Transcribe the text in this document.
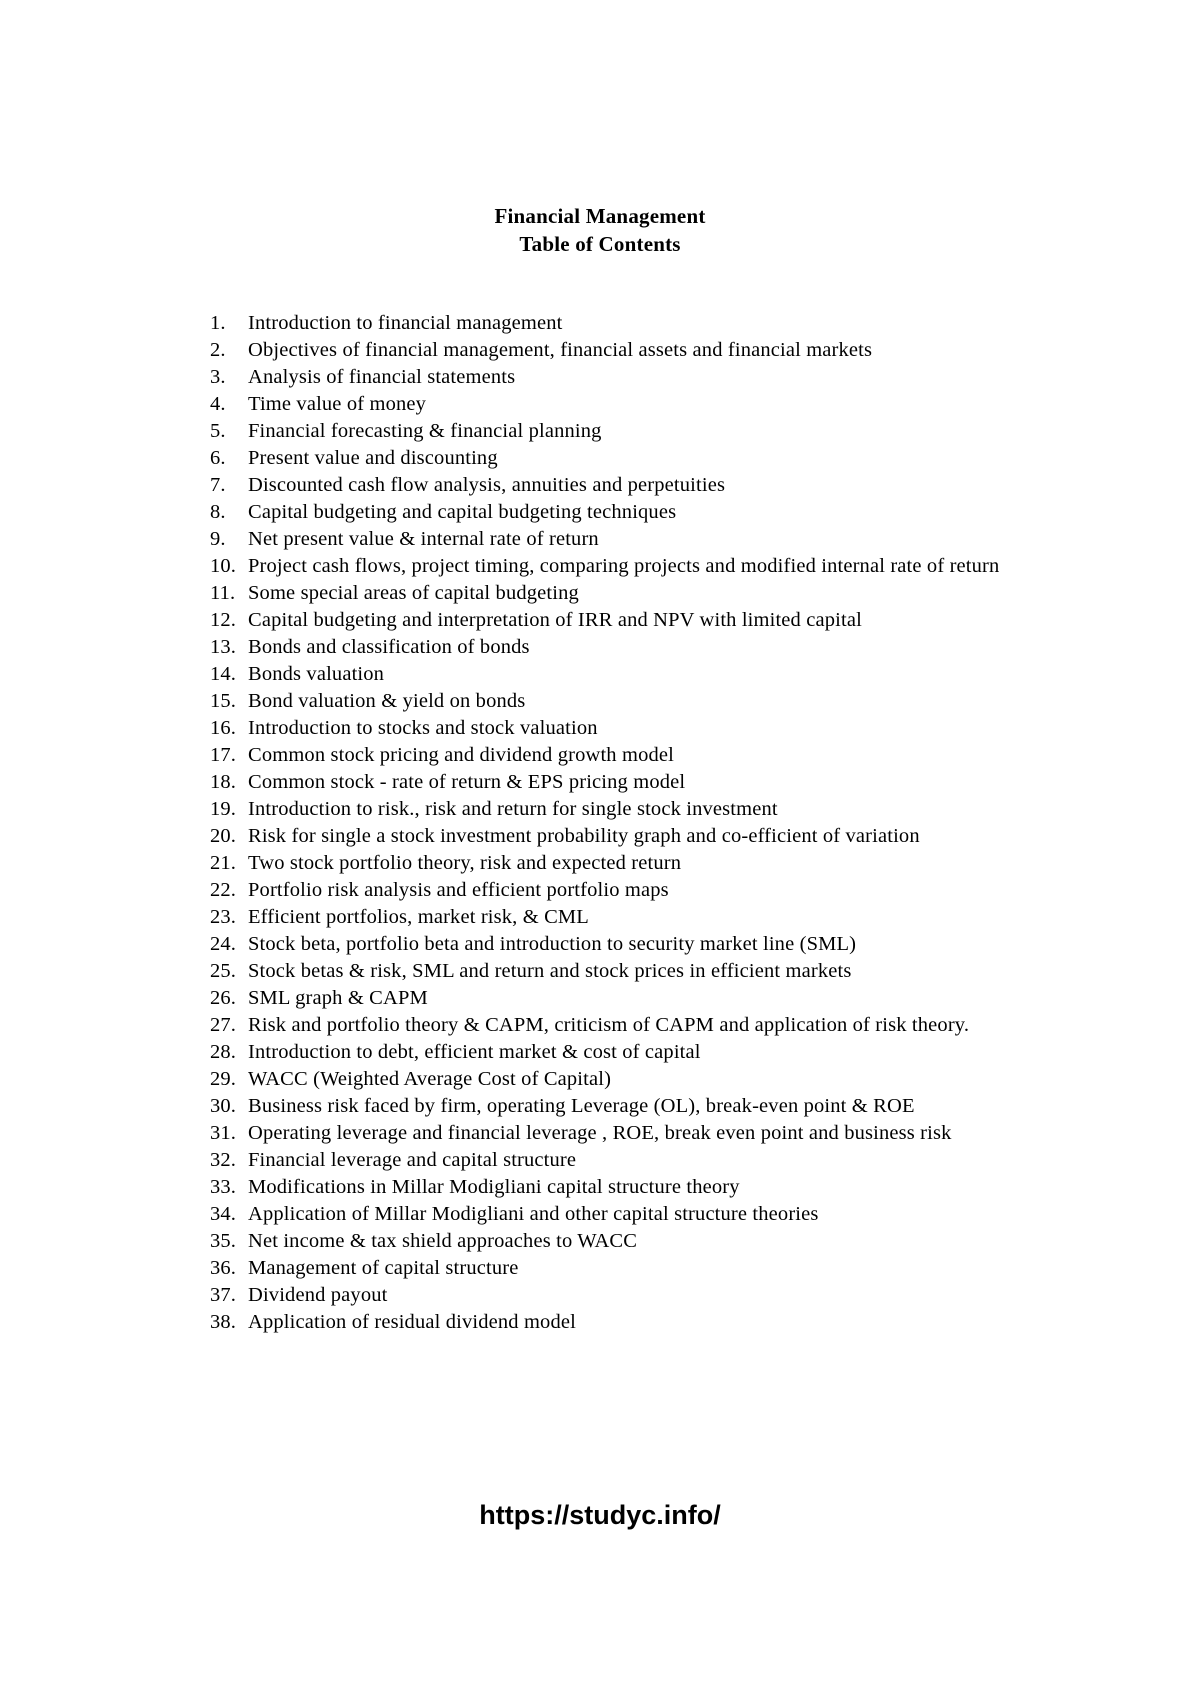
Financial Management
Table of Contents
1.	Introduction to financial management
2.	Objectives of financial management, financial assets and financial markets
3.	Analysis of financial statements
4.	Time value of money
5.	Financial forecasting & financial planning
6.	Present value and discounting
7.	Discounted cash flow analysis, annuities and perpetuities
8.	Capital budgeting and capital budgeting techniques
9.	Net present value & internal rate of return
10. Project cash flows, project timing, comparing projects and modified internal rate of return
11. Some special areas of capital budgeting
12. Capital budgeting and interpretation of IRR and NPV with limited capital
13. Bonds and classification of bonds
14. Bonds valuation
15. Bond valuation & yield on bonds
16. Introduction to stocks and stock valuation
17. Common stock pricing and dividend growth model
18. Common stock - rate of return & EPS pricing model
19. Introduction to risk., risk and return for single stock investment
20. Risk for single a stock investment probability graph and co-efficient of variation
21. Two stock portfolio theory, risk and expected return
22. Portfolio risk analysis and efficient portfolio maps
23. Efficient portfolios, market risk, & CML
24. Stock beta, portfolio beta and introduction to security market line (SML)
25. Stock betas & risk, SML and return and stock prices in efficient markets
26. SML graph & CAPM
27. Risk and portfolio theory & CAPM, criticism of CAPM and application of risk theory.
28. Introduction to debt, efficient market & cost of capital
29. WACC (Weighted Average Cost of Capital)
30. Business risk faced by firm, operating Leverage (OL), break-even point & ROE
31. Operating leverage and financial leverage , ROE, break even point and business risk
32. Financial leverage and capital structure
33. Modifications in Millar Modigliani capital structure theory
34. Application of Millar Modigliani and other capital structure theories
35. Net income & tax shield approaches to WACC
36. Management of capital structure
37. Dividend payout
38. Application of residual dividend model
https://studyc.info/
